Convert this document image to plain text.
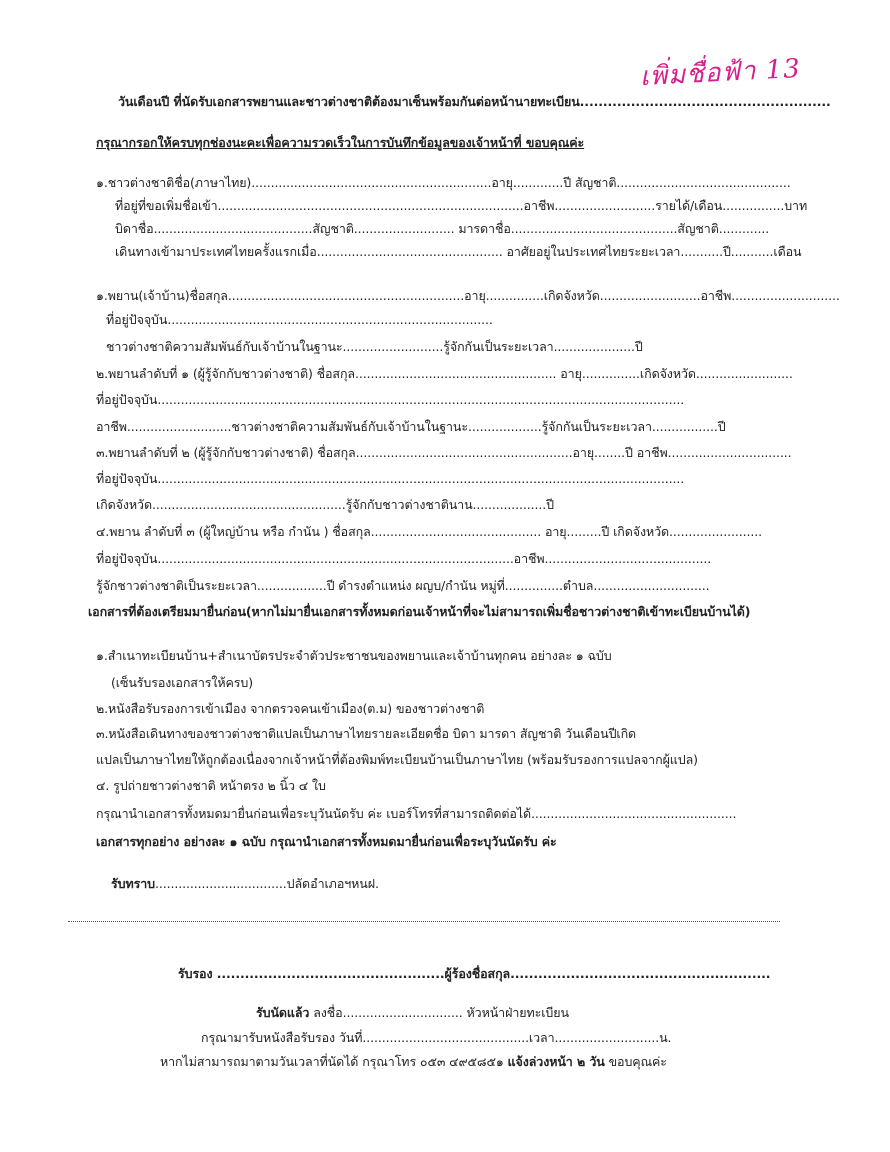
เพิ่มชื่อฟ้า 13
วันเดือนปี ที่นัดรับเอกสารพยานและชาวต่างชาติต้องมาเซ็นพร้อมกันต่อหน้านายทะเบียน......................................................
กรุณากรอกให้ครบทุกช่องนะคะเพื่อความรวดเร็วในการบันทึกข้อมูลของเจ้าหน้าที่ ขอบคุณค่ะ
๑.ชาวต่างชาติชื่อ(ภาษาไทย)..............................................................อายุ.............ปี สัญชาติ.............................................
ที่อยู่ที่ขอเพิ่มชื่อเข้า...............................................................................อาชีพ..........................รายได้/เดือน................บาท
บิดาชื่อ.........................................สัญชาติ.......................... มารดาชื่อ...........................................สัญชาติ.............
เดินทางเข้ามาประเทศไทยครั้งแรกเมื่อ................................................ อาศัยอยู่ในประเทศไทยระยะเวลา...........ปี...........เดือน
๑.พยาน(เจ้าบ้าน)ชื่อสกุล.............................................................อายุ...............เกิดจังหวัด..........................อาชีพ............................
ที่อยู่ปัจจุบัน....................................................................................
ชาวต่างชาติความสัมพันธ์กับเจ้าบ้านในฐานะ..........................รู้จักกันเป็นระยะเวลา.....................ปี
๒.พยานลำดับที่ ๑ (ผู้รู้จักกับชาวต่างชาติ) ชื่อสกุล.................................................... อายุ...............เกิดจังหวัด.........................
ที่อยู่ปัจจุบัน........................................................................................................................................
อาชีพ...........................ชาวต่างชาติความสัมพันธ์กับเจ้าบ้านในฐานะ...................รู้จักกันเป็นระยะเวลา.................ปี
๓.พยานลำดับที่ ๒ (ผู้รู้จักกับชาวต่างชาติ) ชื่อสกุล........................................................อายุ........ปี อาชีพ................................
ที่อยู่ปัจจุบัน........................................................................................................................................
เกิดจังหวัด..................................................รู้จักกับชาวต่างชาตินาน...................ปี
๔.พยาน ลำดับที่ ๓ (ผู้ใหญ่บ้าน หรือ กำนัน ) ชื่อสกุล............................................ อายุ.........ปี เกิดจังหวัด........................
ที่อยู่ปัจจุบัน............................................................................................อาชีพ...........................................
รู้จักชาวต่างชาติเป็นระยะเวลา..................ปี ดำรงตำแหน่ง ผญบ/กำนัน หมู่ที่...............ตำบล..............................
เอกสารที่ต้องเตรียมมายื่นก่อน(หากไม่มายื่นเอกสารทั้งหมดก่อนเจ้าหน้าที่จะไม่สามารถเพิ่มชื่อชาวต่างชาติเข้าทะเบียนบ้านได้)
๑.สำเนาทะเบียนบ้าน+สำเนาบัตรประจำตัวประชาชนของพยานและเจ้าบ้านทุกคน อย่างละ ๑ ฉบับ
(เซ็นรับรองเอกสารให้ครบ)
๒.หนังสือรับรองการเข้าเมือง จากตรวจคนเข้าเมือง(ต.ม) ของชาวต่างชาติ
๓.หนังสือเดินทางของชาวต่างชาติแปลเป็นภาษาไทยรายละเอียดชื่อ บิดา มารดา สัญชาติ วันเดือนปีเกิด
แปลเป็นภาษาไทยให้ถูกต้องเนื่องจากเจ้าหน้าที่ต้องพิมพ์ทะเบียนบ้านเป็นภาษาไทย (พร้อมรับรองการแปลจากผู้แปล)
๔. รูปถ่ายชาวต่างชาติ หน้าตรง ๒ นิ้ว ๔ ใบ
กรุณานำเอกสารทั้งหมดมายื่นก่อนเพื่อระบุวันนัดรับ ค่ะ เบอร์โทรที่สามารถติดต่อได้.....................................................
เอกสารทุกอย่าง อย่างละ ๑ ฉบับ กรุณานำเอกสารทั้งหมดมายื่นก่อนเพื่อระบุวันนัดรับ ค่ะ
รับทราบ..................................ปลัดอำเภอฯหนฝ.
รับรอง .................................................ผู้ร้องชื่อสกุล........................................................
รับนัดแล้ว ลงชื่อ............................... หัวหน้าฝ่ายทะเบียน
กรุณามารับหนังสือรับรอง วันที่...........................................เวลา...........................น.
หากไม่สามารถมาตามวันเวลาที่นัดได้ กรุณาโทร ๐๕๓ ๔๙๕๘๕๑ แจ้งล่วงหน้า ๒ วัน ขอบคุณค่ะ
